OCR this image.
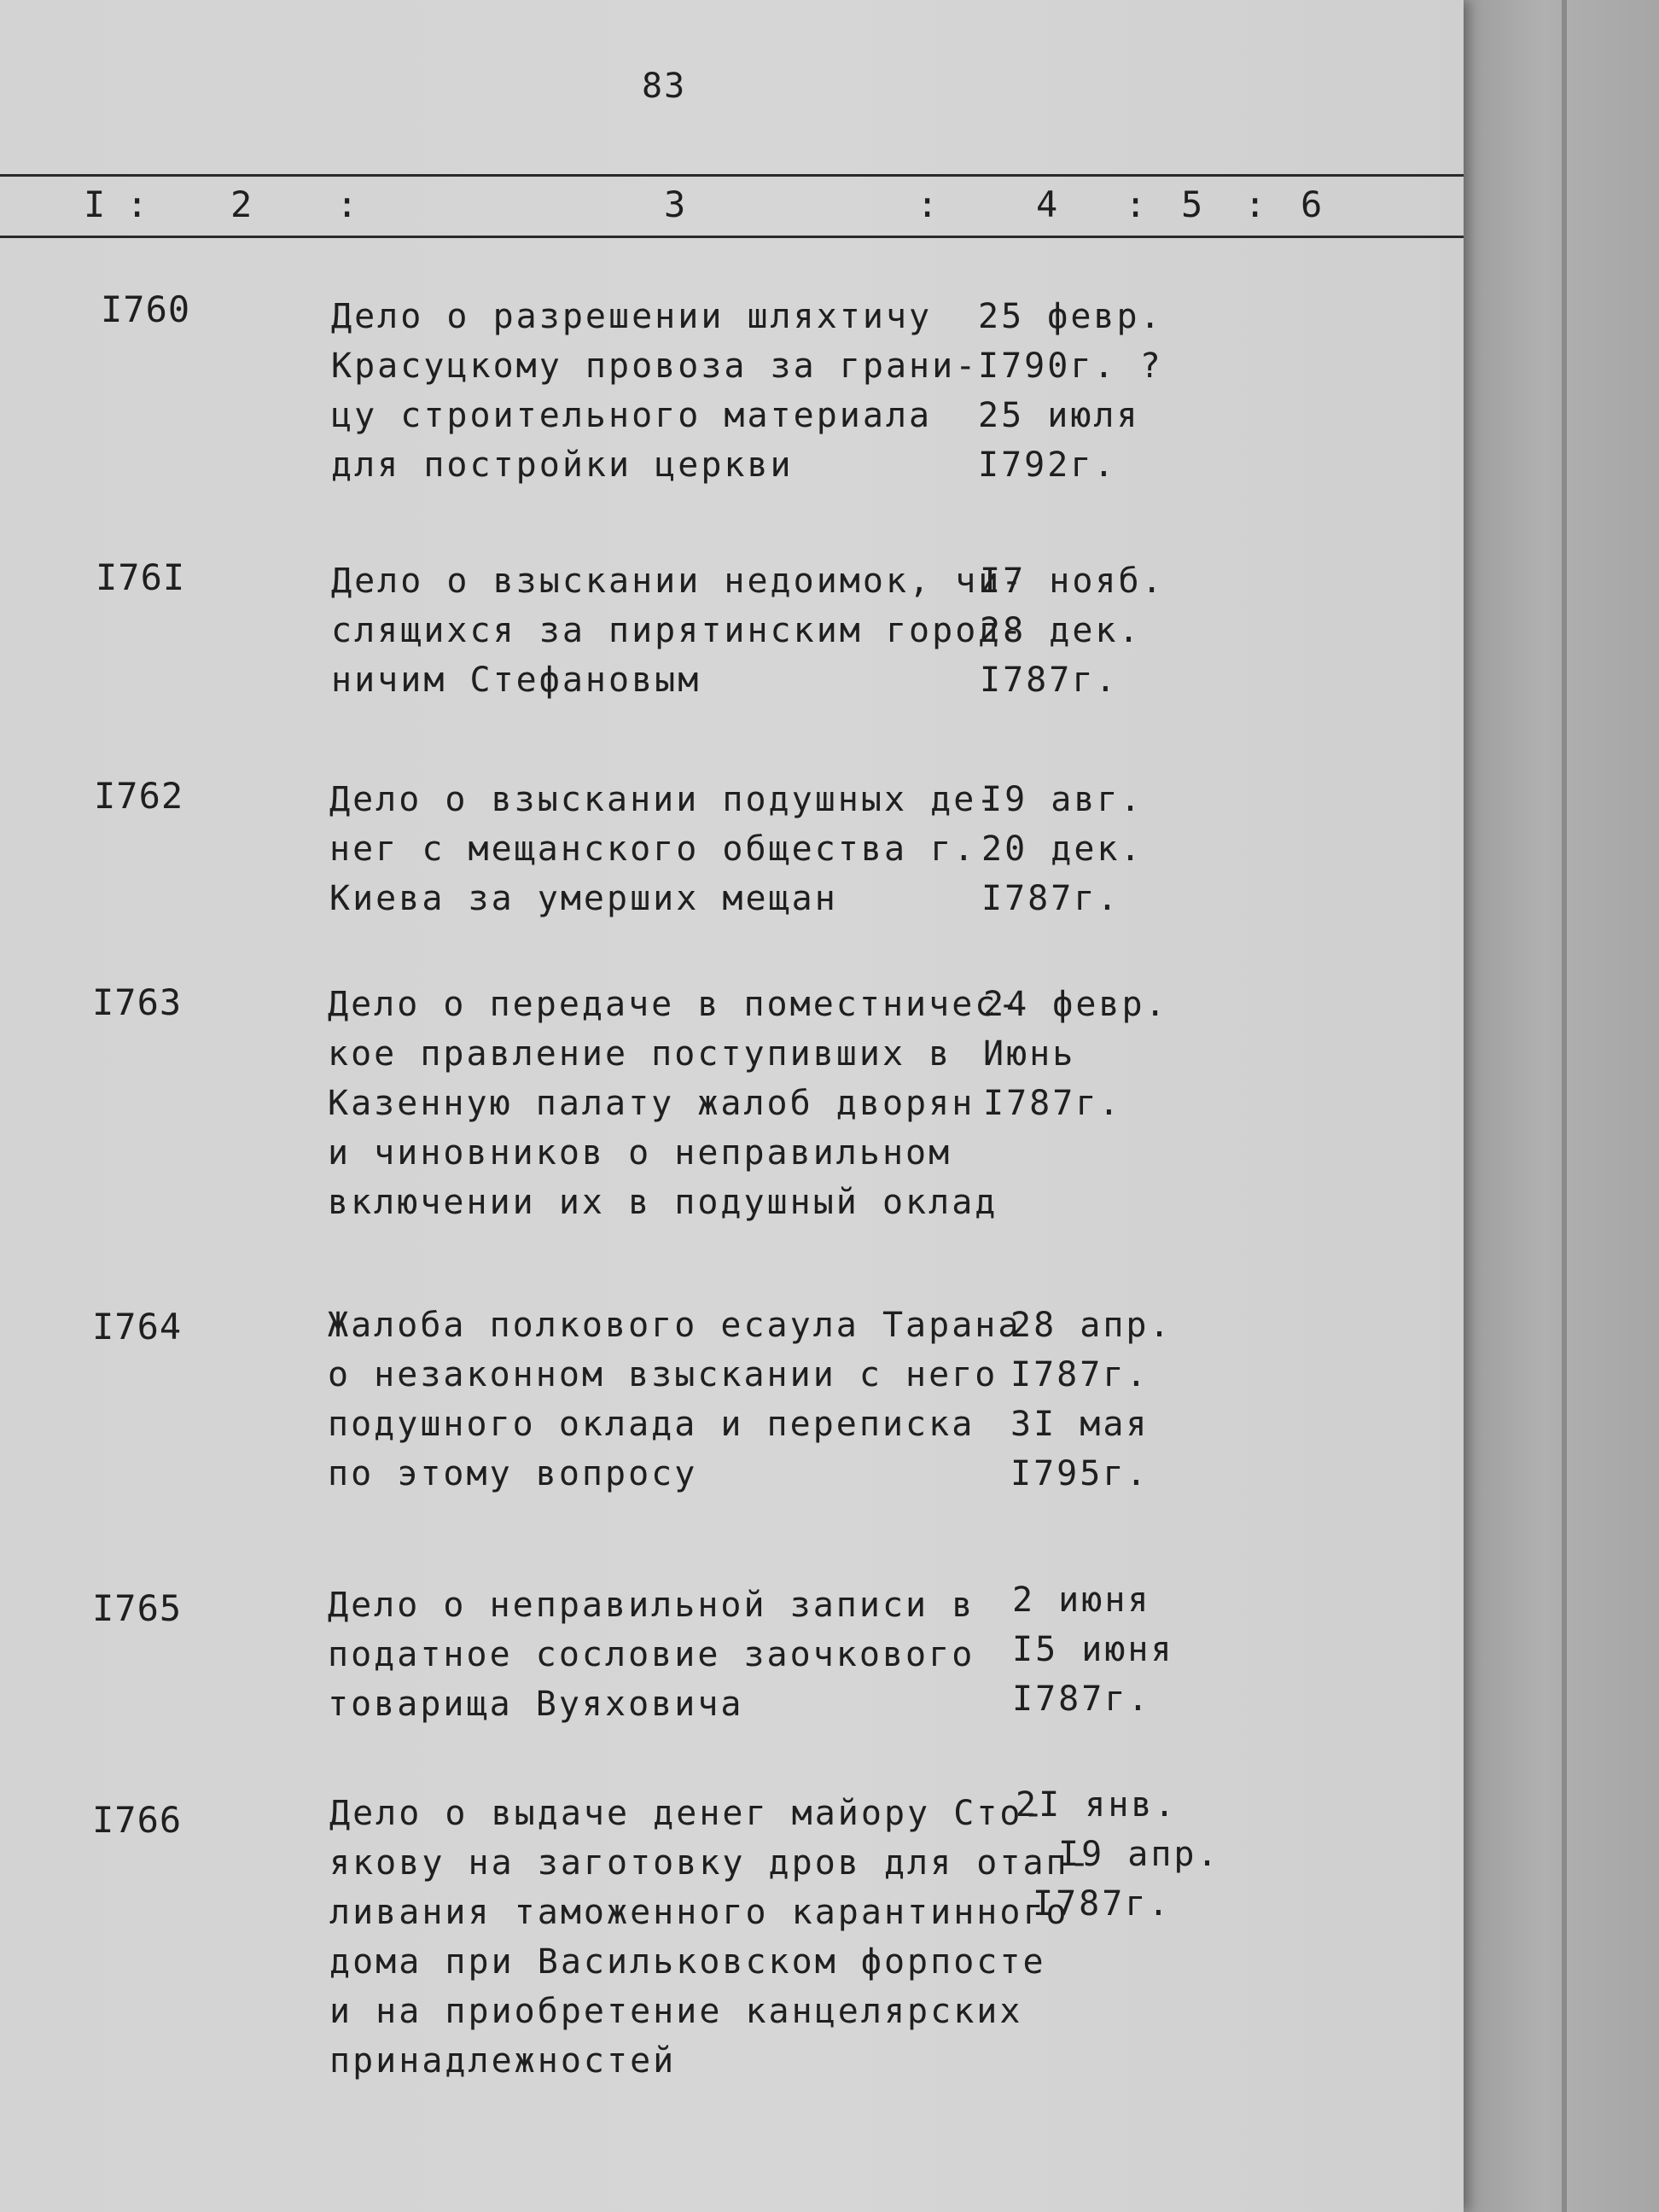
83
I : 2 :	3	:	4 : 5 : 6
I760	Дело о разрешении шляхтичу
Красуцкому провоза за грани-
цу строительного материала
для постройки церкви
25 февр.
I790г. ?
25 июля
I792г.
I76I	Дело о взыскании недоимок, чи-
слящихся за пирятинским город-
ничим Стефановым
I7 нояб.
28 дек.
I787г.
I762	Дело о взыскании подушных де-
нег с мещанского общества г.
Киева за умерших мещан
I9 авг.
20 дек.
I787г.
I763	Дело о передаче в поместничес-
кое правление поступивших в
Казенную палату жалоб дворян
и чиновников о неправильном
включении их в подушный оклад
24 февр.
Июнь
I787г.
I764	Жалоба полкового есаула Тарана
о незаконном взыскании с него
подушного оклада и переписка
по этому вопросу
28 апр.
I787г.
3I мая
I795г.
I765	Дело о неправильной записи в
податное сословие заочкового
товарища Вуяховича
2 июня
I5 июня
I787г.
I766	Дело о выдаче денег майору Сто-
якову на заготовку дров для отап-
ливания таможенного карантинного
дома при Васильковском форпосте
и на приобретение канцелярских
принадлежностей
2I янв.
I9 апр.
I787г.
